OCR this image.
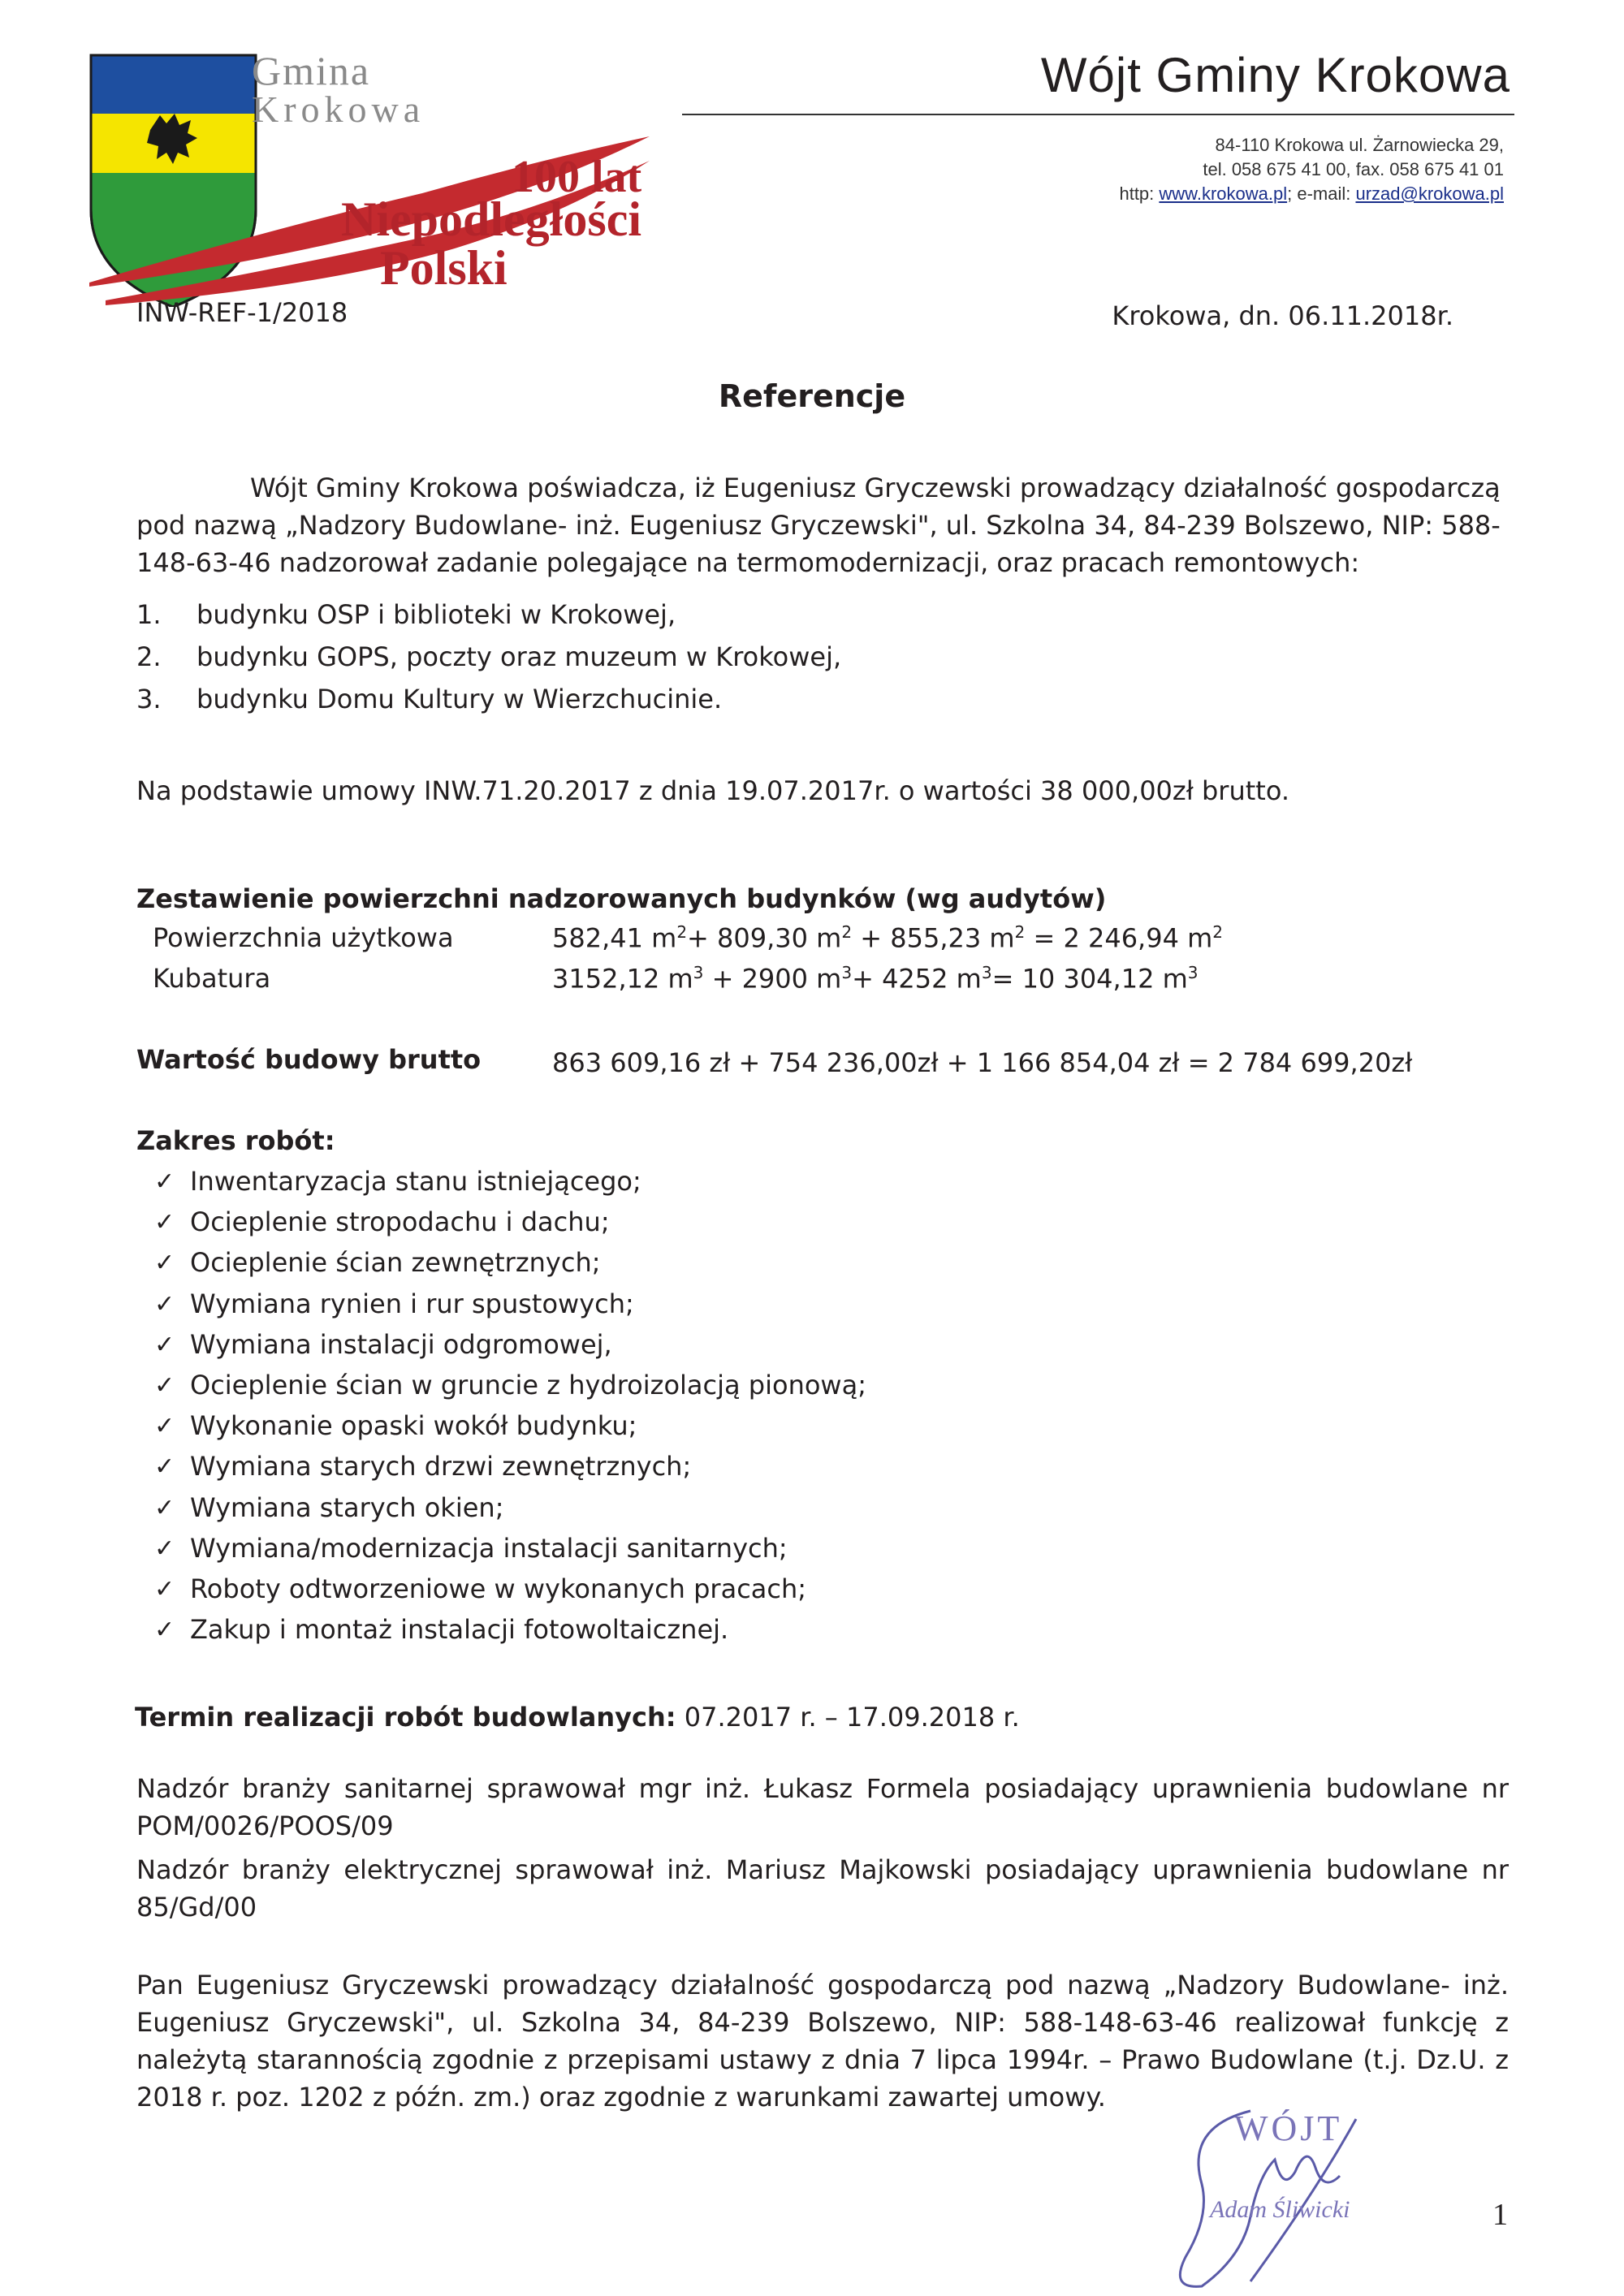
Gmina
Krokowa
100 lat
Niepodległości
Polski
Wójt Gminy Krokowa
84-110 Krokowa ul. Żarnowiecka 29,
tel. 058 675 41 00, fax. 058 675 41 01
http: www.krokowa.pl; e-mail: urzad@krokowa.pl
INW-REF-1/2018	Krokowa, dn. 06.11.2018r.
Referencje
Wójt Gminy Krokowa poświadcza, iż Eugeniusz Gryczewski prowadzący działalność gospodarczą
pod nazwą „Nadzory Budowlane- inż. Eugeniusz Gryczewski", ul. Szkolna 34, 84-239 Bolszewo, NIP: 588-
148-63-46 nadzorował zadanie polegające na termomodernizacji, oraz pracach remontowych:
1. budynku OSP i biblioteki w Krokowej,
2. budynku GOPS, poczty oraz muzeum w Krokowej,
3. budynku Domu Kultury w Wierzchucinie.
Na podstawie umowy INW.71.20.2017 z dnia 19.07.2017r. o wartości 38 000,00zł brutto.
Zestawienie powierzchni nadzorowanych budynków (wg audytów)
Powierzchnia użytkowa	582,41 $m^2+ 809,30$ $m^2 + 855,23$ $m^2 = 2$ 246,94 $m^2$
Kubatura	3152,12 $m^3 + 2900$ $m^3+ 4252$ $m^3= 10$ 304,12 $m^3$
Wartość budowy brutto	863 609,16 zł + 754 236,00zł + 1 166 854,04 zł = 2 784 699,20zł
Zakres robót:
✓ Inwentaryzacja stanu istniejącego;
✓ Ocieplenie stropodachu i dachu;
✓ Ocieplenie ścian zewnętrznych;
✓ Wymiana rynien i rur spustowych;
✓ Wymiana instalacji odgromowej,
✓ Ocieplenie ścian w gruncie z hydroizolacją pionową;
✓ Wykonanie opaski wokół budynku;
✓ Wymiana starych drzwi zewnętrznych;
✓ Wymiana starych okien;
✓ Wymiana/modernizacja instalacji sanitarnych;
✓ Roboty odtworzeniowe w wykonanych pracach;
✓ Zakup i montaż instalacji fotowoltaicznej.
Termin realizacji robót budowlanych: 07.2017 r. – 17.09.2018 r.
Nadzór branży sanitarnej sprawował mgr inż. Łukasz Formela posiadający uprawnienia budowlane nr
POM/0026/POOS/09
Nadzór branży elektrycznej sprawował inż. Mariusz Majkowski posiadający uprawnienia budowlane nr
85/Gd/00
Pan Eugeniusz Gryczewski prowadzący działalność gospodarczą pod nazwą „Nadzory Budowlane- inż.
Eugeniusz Gryczewski", ul. Szkolna 34, 84-239 Bolszewo, NIP: 588-148-63-46 realizował funkcję z
należytą starannością zgodnie z przepisami ustawy z dnia 7 lipca 1994r. – Prawo Budowlane (t.j. Dz.U. z
2018 r. poz. 1202 z późn. zm.) oraz zgodnie z warunkami zawartej umowy.
WÓJT
Adam Śliwicki	1
